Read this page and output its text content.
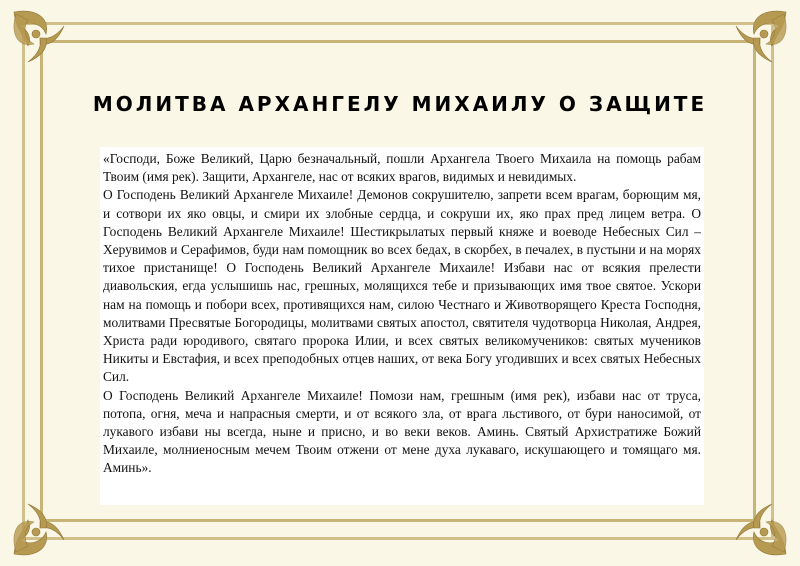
МОЛИТВА АРХАНГЕЛУ МИХАИЛУ О ЗАЩИТЕ

«Господи, Боже Великий, Царю безначальный, пошли Архангела Твоего Михаила на помощь рабам Твоим (имя рек). Защити, Архангеле, нас от всяких врагов, видимых и невидимых.

О Господень Великий Архангеле Михаиле! Демонов сокрушителю, запрети всем врагам, борющим мя, и сотвори их яко овцы, и смири их злобные сердца, и сокруши их, яко прах пред лицем ветра. О Господень Великий Архангеле Михаиле! Шестикрылатых первый княже и воеводе Небесных Сил – Херувимов и Серафимов, буди нам помощник во всех бедах, в скорбех, в печалех, в пустыни и на морях тихое пристанище! О Господень Великий Архангеле Михаиле! Избави нас от всякия прелести диавольския, егда услышишь нас, грешных, молящихся тебе и призывающих имя твое святое. Ускори нам на помощь и побори всех, противящихся нам, силою Честнаго и Животворящего Креста Господня, молитвами Пресвятые Богородицы, молитвами святых апостол, святителя чудотворца Николая, Андрея, Христа ради юродивого, святаго пророка Илии, и всех святых великомучеников: святых мучеников Никиты и Евстафия, и всех преподобных отцев наших, от века Богу угодивших и всех святых Небесных Сил.

О Господень Великий Архангеле Михаиле! Помози нам, грешным (имя рек), избави нас от труса, потопа, огня, меча и напрасныя смерти, и от всякого зла, от врага льстивого, от бури наносимой, от лукавого избави ны всегда, ныне и присно, и во веки веков. Аминь. Святый Архистратиже Божий Михаиле, молниеносным мечем Твоим отжени от мене духа лукаваго, искушающего и томящаго мя. Аминь».
